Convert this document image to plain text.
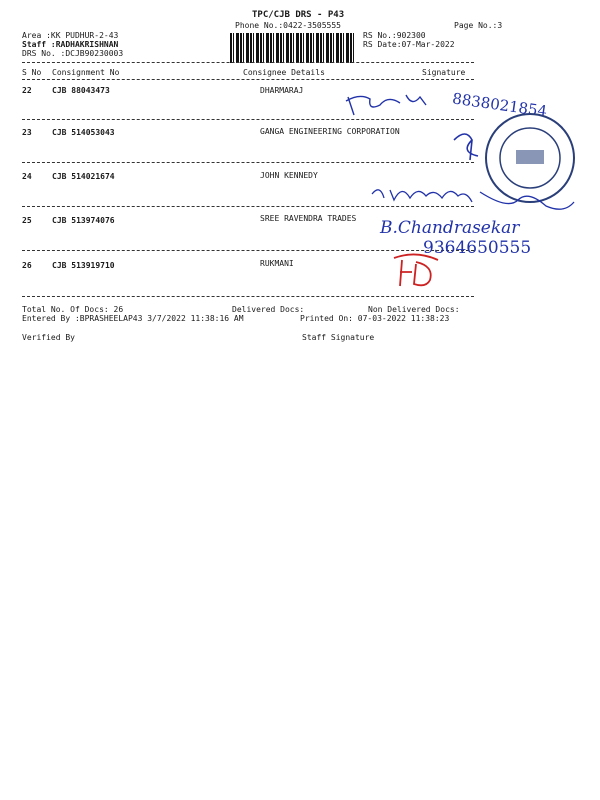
TPC/CJB DRS - P43
Phone No.:0422-3505555
Area :KK PUDHUR-2-43
Staff :RADHAKRISHNAN
DRS No. :DCJB90230003
RS No.:902300
RS Date:07-Mar-2022
Page No.:3
S No Consignment No	Consignee Details	Signature
22	CJB 88043473	DHARMARAJ
23	CJB 514053043	GANGA ENGINEERING CORPORATION
24	CJB 514021674	JOHN KENNEDY
25	CJB 513974076	SREE RAVENDRA TRADES
26	CJB 513919710	RUKMANI
Total No. Of Docs: 26	Delivered Docs:	Non Delivered Docs:
Entered By :BPRASHEELAP43 3/7/2022 11:38:16 AM	Printed On: 07-03-2022 11:38:23
Verified By	Staff Signature
8838021854
B.Chandrasekar
9364650555
